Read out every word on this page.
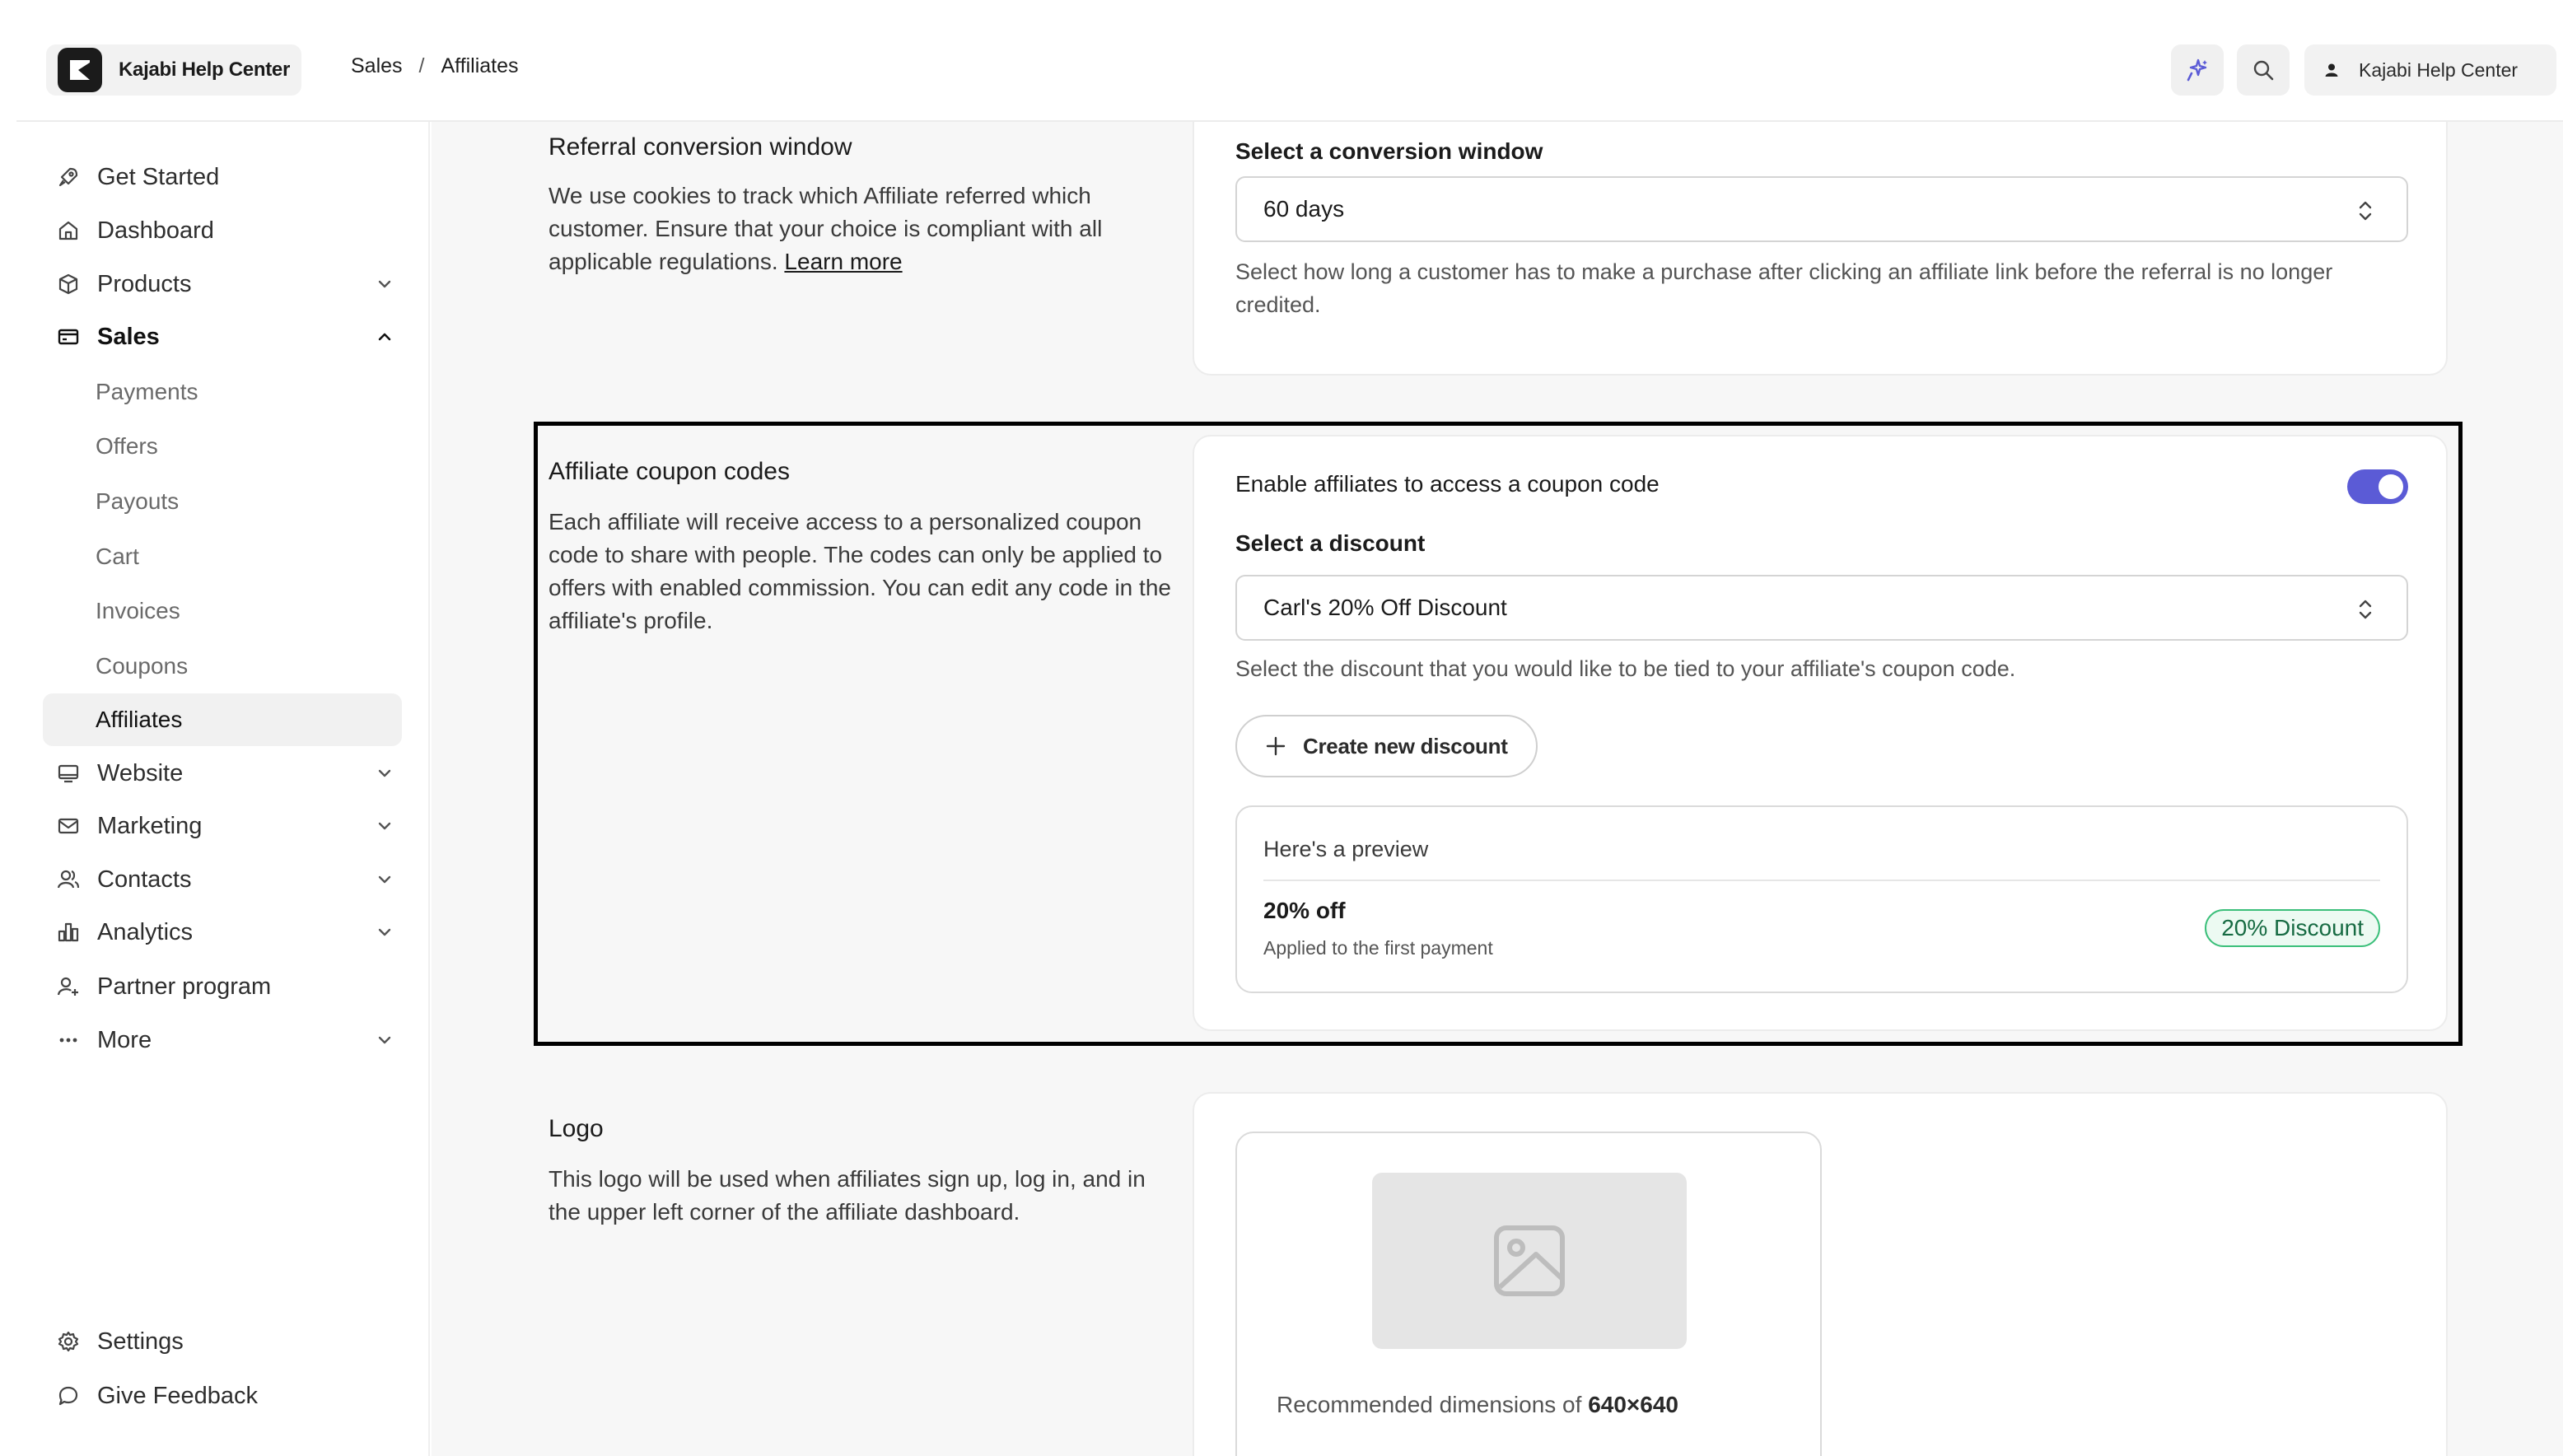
Kajabi Help Center	Sales / Affiliates	Kajabi Help Center
Get Started
Dashboard
Products
Sales
Payments
Offers
Payouts
Cart
Invoices
Coupons
Affiliates
Website
Marketing
Contacts
Analytics
Partner program
More
Settings
Give Feedback
Referral conversion window
We use cookies to track which Affiliate referred which customer. Ensure that your choice is compliant with all applicable regulations. Learn more
Select a conversion window
60 days
Select how long a customer has to make a purchase after clicking an affiliate link before the referral is no longer credited.
Affiliate coupon codes
Each affiliate will receive access to a personalized coupon code to share with people. The codes can only be applied to offers with enabled commission. You can edit any code in the affiliate's profile.
Enable affiliates to access a coupon code
Select a discount
Carl's 20% Off Discount
Select the discount that you would like to be tied to your affiliate's coupon code.
Create new discount
Here's a preview
20% off
Applied to the first payment
20% Discount
Logo
This logo will be used when affiliates sign up, log in, and in the upper left corner of the affiliate dashboard.
Recommended dimensions of 640×640
